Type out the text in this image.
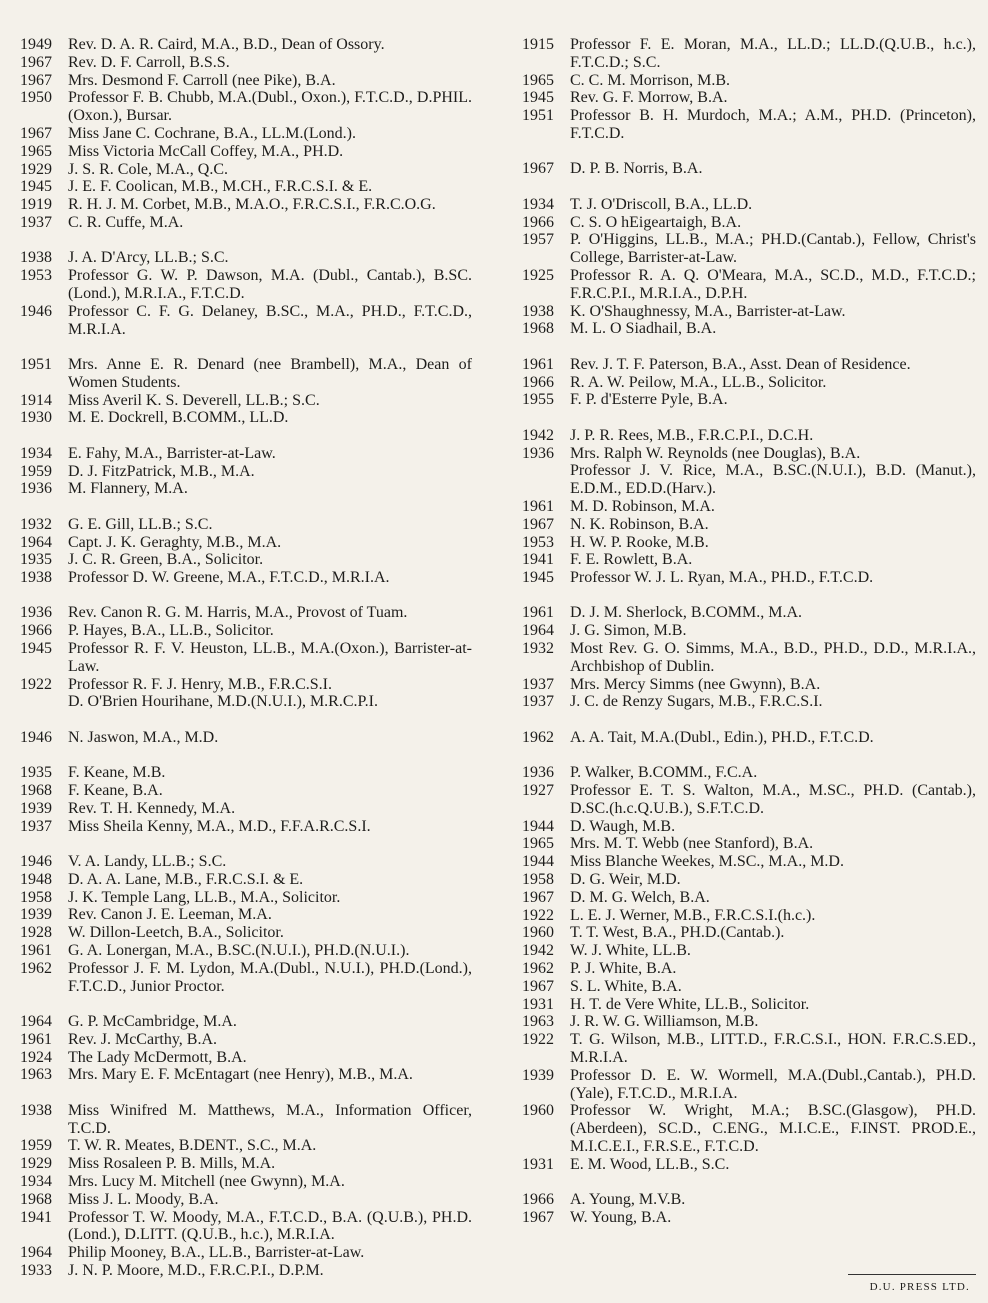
1949	Rev. D. A. R. Caird, M.A., B.D., Dean of Ossory.
1967	Rev. D. F. Carroll, B.S.S.
1967	Mrs. Desmond F. Carroll (nee Pike), B.A.
1950	Professor F. B. Chubb, M.A.(Dubl., Oxon.), F.T.C.D., D.PHIL.(Oxon.), Bursar.
1967	Miss Jane C. Cochrane, B.A., LL.M.(Lond.).
1965	Miss Victoria McCall Coffey, M.A., PH.D.
1929	J. S. R. Cole, M.A., Q.C.
1945	J. E. F. Coolican, M.B., M.CH., F.R.C.S.I. & E.
1919	R. H. J. M. Corbet, M.B., M.A.O., F.R.C.S.I., F.R.C.O.G.
1937	C. R. Cuffe, M.A.
1938	J. A. D'Arcy, LL.B.; S.C.
1953	Professor G. W. P. Dawson, M.A. (Dubl., Cantab.), B.SC.(Lond.), M.R.I.A., F.T.C.D.
1946	Professor C. F. G. Delaney, B.SC., M.A., PH.D., F.T.C.D., M.R.I.A.
1951	Mrs. Anne E. R. Denard (nee Brambell), M.A., Dean of Women Students.
1914	Miss Averil K. S. Deverell, LL.B.; S.C.
1930	M. E. Dockrell, B.COMM., LL.D.
1934	E. Fahy, M.A., Barrister-at-Law.
1959	D. J. FitzPatrick, M.B., M.A.
1936	M. Flannery, M.A.
1932	G. E. Gill, LL.B.; S.C.
1964	Capt. J. K. Geraghty, M.B., M.A.
1935	J. C. R. Green, B.A., Solicitor.
1938	Professor D. W. Greene, M.A., F.T.C.D., M.R.I.A.
1936	Rev. Canon R. G. M. Harris, M.A., Provost of Tuam.
1966	P. Hayes, B.A., LL.B., Solicitor.
1945	Professor R. F. V. Heuston, LL.B., M.A.(Oxon.), Barrister-at-Law.
1922	Professor R. F. J. Henry, M.B., F.R.C.S.I.
D. O'Brien Hourihane, M.D.(N.U.I.), M.R.C.P.I.
1946	N. Jaswon, M.A., M.D.
1935	F. Keane, M.B.
1968	F. Keane, B.A.
1939	Rev. T. H. Kennedy, M.A.
1937	Miss Sheila Kenny, M.A., M.D., F.F.A.R.C.S.I.
1946	V. A. Landy, LL.B.; S.C.
1948	D. A. A. Lane, M.B., F.R.C.S.I. & E.
1958	J. K. Temple Lang, LL.B., M.A., Solicitor.
1939	Rev. Canon J. E. Leeman, M.A.
1928	W. Dillon-Leetch, B.A., Solicitor.
1961	G. A. Lonergan, M.A., B.SC.(N.U.I.), PH.D.(N.U.I.).
1962	Professor J. F. M. Lydon, M.A.(Dubl., N.U.I.), PH.D.(Lond.), F.T.C.D., Junior Proctor.
1964	G. P. McCambridge, M.A.
1961	Rev. J. McCarthy, B.A.
1924	The Lady McDermott, B.A.
1963	Mrs. Mary E. F. McEntagart (nee Henry), M.B., M.A.
1938	Miss Winifred M. Matthews, M.A., Information Officer, T.C.D.
1959	T. W. R. Meates, B.DENT., S.C., M.A.
1929	Miss Rosaleen P. B. Mills, M.A.
1934	Mrs. Lucy M. Mitchell (nee Gwynn), M.A.
1968	Miss J. L. Moody, B.A.
1941	Professor T. W. Moody, M.A., F.T.C.D., B.A. (Q.U.B.), PH.D. (Lond.), D.LITT. (Q.U.B., h.c.), M.R.I.A.
1964	Philip Mooney, B.A., LL.B., Barrister-at-Law.
1933	J. N. P. Moore, M.D., F.R.C.P.I., D.P.M.
1915	Professor F. E. Moran, M.A., LL.D.; LL.D.(Q.U.B., h.c.), F.T.C.D.; S.C.
1965	C. C. M. Morrison, M.B.
1945	Rev. G. F. Morrow, B.A.
1951	Professor B. H. Murdoch, M.A.; A.M., PH.D. (Princeton), F.T.C.D.
1967	D. P. B. Norris, B.A.
1934	T. J. O'Driscoll, B.A., LL.D.
1966	C. S. O hEigeartaigh, B.A.
1957	P. O'Higgins, LL.B., M.A.; PH.D.(Cantab.), Fellow, Christ's College, Barrister-at-Law.
1925	Professor R. A. Q. O'Meara, M.A., SC.D., M.D., F.T.C.D.; F.R.C.P.I., M.R.I.A., D.P.H.
1938	K. O'Shaughnessy, M.A., Barrister-at-Law.
1968	M. L. O Siadhail, B.A.
1961	Rev. J. T. F. Paterson, B.A., Asst. Dean of Residence.
1966	R. A. W. Peilow, M.A., LL.B., Solicitor.
1955	F. P. d'Esterre Pyle, B.A.
1942	J. P. R. Rees, M.B., F.R.C.P.I., D.C.H.
1936	Mrs. Ralph W. Reynolds (nee Douglas), B.A.
Professor J. V. Rice, M.A., B.SC.(N.U.I.), B.D. (Manut.), E.D.M., ED.D.(Harv.).
1961	M. D. Robinson, M.A.
1967	N. K. Robinson, B.A.
1953	H. W. P. Rooke, M.B.
1941	F. E. Rowlett, B.A.
1945	Professor W. J. L. Ryan, M.A., PH.D., F.T.C.D.
1961	D. J. M. Sherlock, B.COMM., M.A.
1964	J. G. Simon, M.B.
1932	Most Rev. G. O. Simms, M.A., B.D., PH.D., D.D., M.R.I.A., Archbishop of Dublin.
1937	Mrs. Mercy Simms (nee Gwynn), B.A.
1937	J. C. de Renzy Sugars, M.B., F.R.C.S.I.
1962	A. A. Tait, M.A.(Dubl., Edin.), PH.D., F.T.C.D.
1936	P. Walker, B.COMM., F.C.A.
1927	Professor E. T. S. Walton, M.A., M.SC., PH.D. (Cantab.), D.SC.(h.c.Q.U.B.), S.F.T.C.D.
1944	D. Waugh, M.B.
1965	Mrs. M. T. Webb (nee Stanford), B.A.
1944	Miss Blanche Weekes, M.SC., M.A., M.D.
1958	D. G. Weir, M.D.
1967	D. M. G. Welch, B.A.
1922	L. E. J. Werner, M.B., F.R.C.S.I.(h.c.).
1960	T. T. West, B.A., PH.D.(Cantab.).
1942	W. J. White, LL.B.
1962	P. J. White, B.A.
1967	S. L. White, B.A.
1931	H. T. de Vere White, LL.B., Solicitor.
1963	J. R. W. G. Williamson, M.B.
1922	T. G. Wilson, M.B., LITT.D., F.R.C.S.I., HON. F.R.C.S.ED., M.R.I.A.
1939	Professor D. E. W. Wormell, M.A.(Dubl.,Cantab.), PH.D.(Yale), F.T.C.D., M.R.I.A.
1960	Professor W. Wright, M.A.; B.SC.(Glasgow), PH.D. (Aberdeen), SC.D., C.ENG., M.I.C.E., F.INST. PROD.E., M.I.C.E.I., F.R.S.E., F.T.C.D.
1931	E. M. Wood, LL.B., S.C.
1966	A. Young, M.V.B.
1967	W. Young, B.A.
D.U. PRESS LTD.
